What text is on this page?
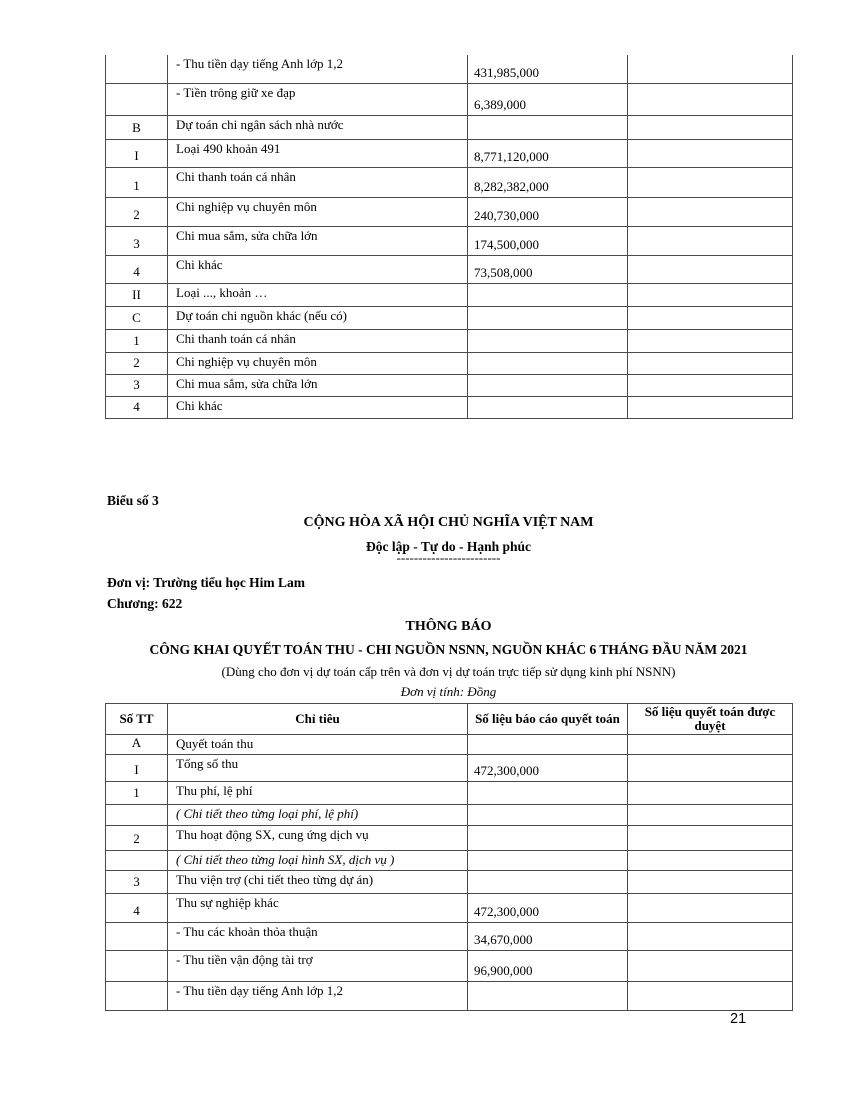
	- Thu tiền dạy tiếng Anh lớp 1,2	431,985,000	
	- Tiền trông giữ xe đạp	6,389,000	
B	Dự toán chi ngân sách nhà nước		
I	Loại 490 khoản 491	8,771,120,000	
1	Chi thanh toán cá nhân	8,282,382,000	
2	Chi nghiệp vụ chuyên môn	240,730,000	
3	Chi mua sắm, sửa chữa lớn	174,500,000	
4	Chi khác	73,508,000	
II	Loại ..., khoản …		
C	Dự toán chi nguồn khác (nếu có)		
1	Chi thanh toán cá nhân		
2	Chi nghiệp vụ chuyên môn		
3	Chi mua sắm, sửa chữa lớn		
4	Chi khác		
Biểu số 3
CỘNG HÒA XÃ HỘI CHỦ NGHĨA VIỆT NAM
Độc lập - Tự do - Hạnh phúc
------------------------
Đơn vị: Trường tiểu học Him Lam
Chương: 622
THÔNG BÁO
CÔNG KHAI QUYẾT TOÁN THU - CHI NGUỒN NSNN, NGUỒN KHÁC 6 THÁNG ĐẦU NĂM 2021
(Dùng cho đơn vị dự toán cấp trên và đơn vị dự toán trực tiếp sử dụng kinh phí NSNN)
Đơn vị tính: Đồng
Số TT	Chỉ tiêu	Số liệu báo cáo quyết toán	Số liệu quyết toán được duyệt
A	Quyết toán thu		
I	Tổng số thu	472,300,000	
1	Thu phí, lệ phí		
	( Chi tiết theo từng loại phí, lệ phí)		
2	Thu hoạt động SX, cung ứng dịch vụ		
	( Chi tiết theo từng loại hình SX, dịch vụ )		
3	Thu viện trợ (chi tiết theo từng dự án)		
4	Thu sự nghiệp khác	472,300,000	
	- Thu các khoản thỏa thuận	34,670,000	
	- Thu tiền vận động tài trợ	96,900,000	
	- Thu tiền dạy tiếng Anh lớp 1,2		
21
